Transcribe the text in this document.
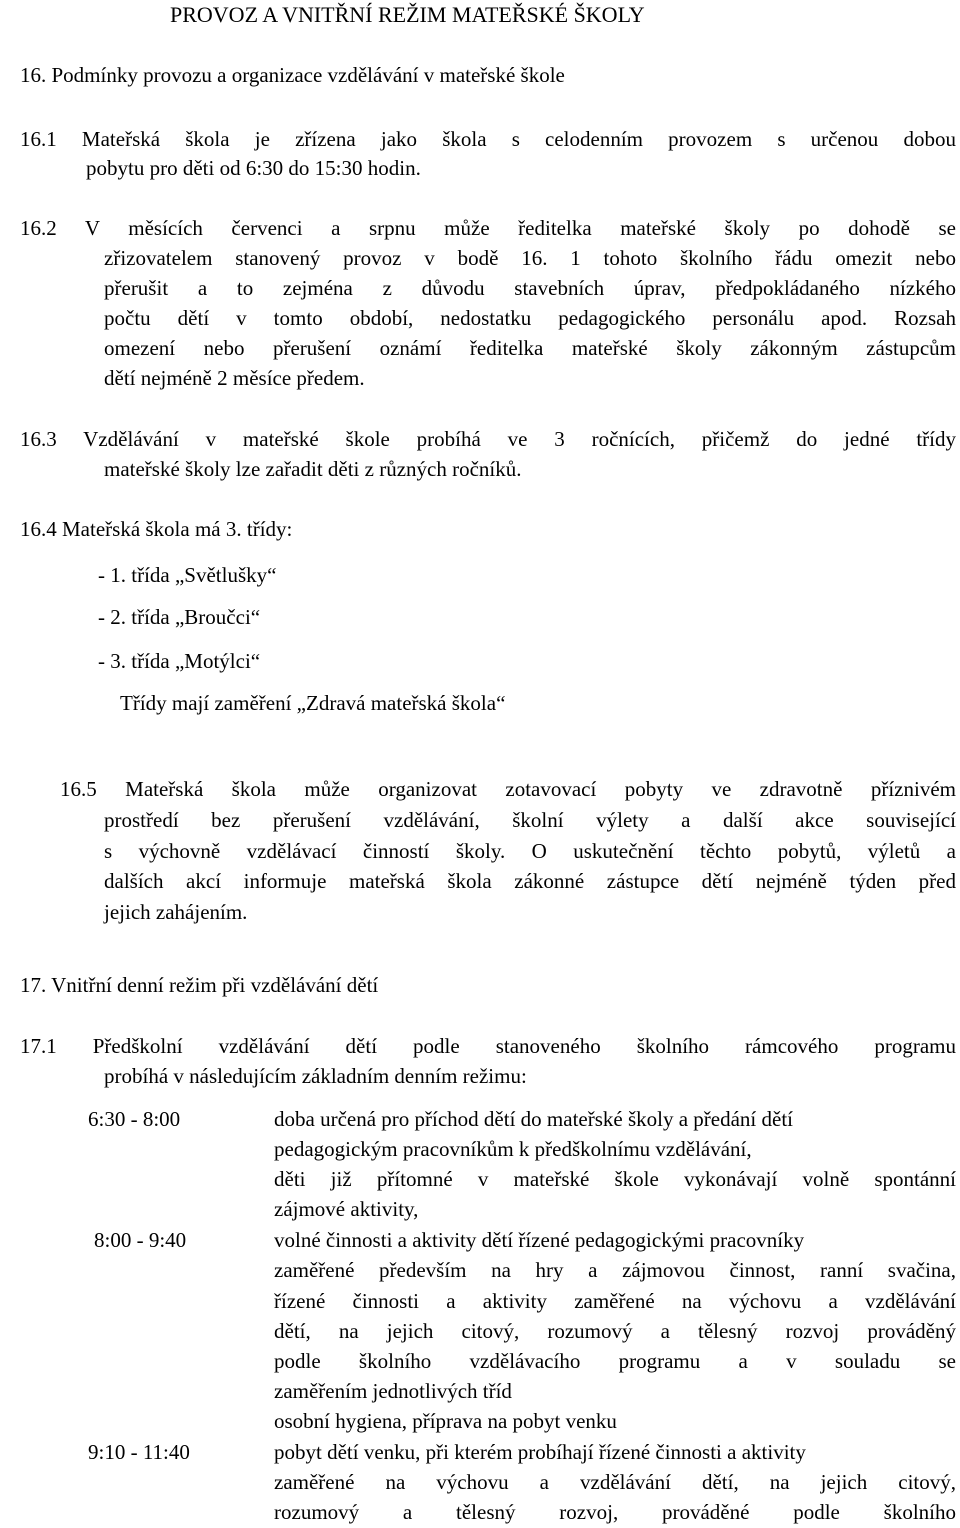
PROVOZ A VNITŘNÍ REŽIM MATEŘSKÉ ŠKOLY

16. Podmínky provozu a organizace vzdělávání v mateřské škole

16.1 Mateřská škola je zřízena jako škola s celodenním provozem s určenou dobou

pobytu pro děti od 6:30 do 15:30 hodin.

16.2 V měsících červenci a srpnu může ředitelka mateřské školy po dohodě se

zřizovatelem stanovený provoz v bodě 16. 1 tohoto školního řádu omezit nebo

přerušit a to zejména z důvodu stavebních úprav, předpokládaného nízkého

počtu dětí v tomto období, nedostatku pedagogického personálu apod. Rozsah

omezení nebo přerušení oznámí ředitelka mateřské školy zákonným zástupcům

dětí nejméně 2 měsíce předem.

16.3 Vzdělávání v mateřské škole probíhá ve 3 ročnících, přičemž do jedné třídy

mateřské školy lze zařadit děti z různých ročníků.

16.4 Mateřská škola má 3. třídy:

- 1. třída „Světlušky“

- 2. třída „Broučci“

- 3. třída „Motýlci“

Třídy mají zaměření „Zdravá mateřská škola“

16.5 Mateřská škola může organizovat zotavovací pobyty ve zdravotně příznivém

prostředí bez přerušení vzdělávání, školní výlety a další akce související

s výchovně vzdělávací činností školy. O uskutečnění těchto pobytů, výletů a

dalších akcí informuje mateřská škola zákonné zástupce dětí nejméně týden před

jejich zahájením.

17. Vnitřní denní režim při vzdělávání dětí

17.1 Předškolní vzdělávání dětí podle stanoveného školního rámcového programu

probíhá v následujícím základním denním režimu:

6:30 - 8:00	doba určená pro příchod dětí do mateřské školy a předání dětí

pedagogickým pracovníkům k předškolnímu vzdělávání,

děti již přítomné v mateřské škole vykonávají volně spontánní

zájmové aktivity,

8:00 - 9:40	volné činnosti a aktivity dětí řízené pedagogickými pracovníky

zaměřené především na hry a zájmovou činnost, ranní svačina,

řízené činnosti a aktivity zaměřené na výchovu a vzdělávání

dětí, na jejich citový, rozumový a tělesný rozvoj prováděný

podle školního vzdělávacího programu a v souladu se

zaměřením jednotlivých tříd

osobní hygiena, příprava na pobyt venku

9:10 - 11:40	pobyt dětí venku, při kterém probíhají řízené činnosti a aktivity

zaměřené na výchovu a vzdělávání dětí, na jejich citový,

rozumový a tělesný rozvoj, prováděné podle školního
